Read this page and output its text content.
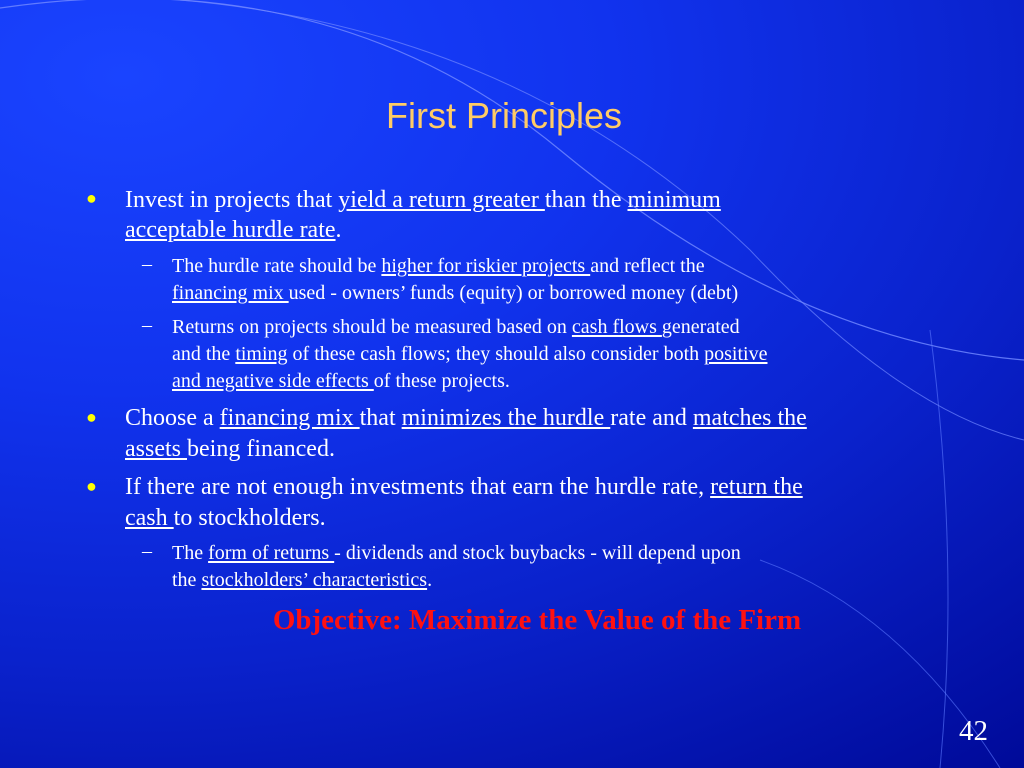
First Principles
● Invest in projects that yield a return greater than the minimum
acceptable hurdle rate.
– The hurdle rate should be higher for riskier projects and reflect the
financing mix used - owners’ funds (equity) or borrowed money (debt)
– Returns on projects should be measured based on cash flows generated
and the timing of these cash flows; they should also consider both positive
and negative side effects of these projects.
● Choose a financing mix that minimizes the hurdle rate and matches the
assets being financed.
● If there are not enough investments that earn the hurdle rate, return the
cash to stockholders.
– The form of returns - dividends and stock buybacks - will depend upon
the stockholders’ characteristics.
Objective: Maximize the Value of the Firm
42
